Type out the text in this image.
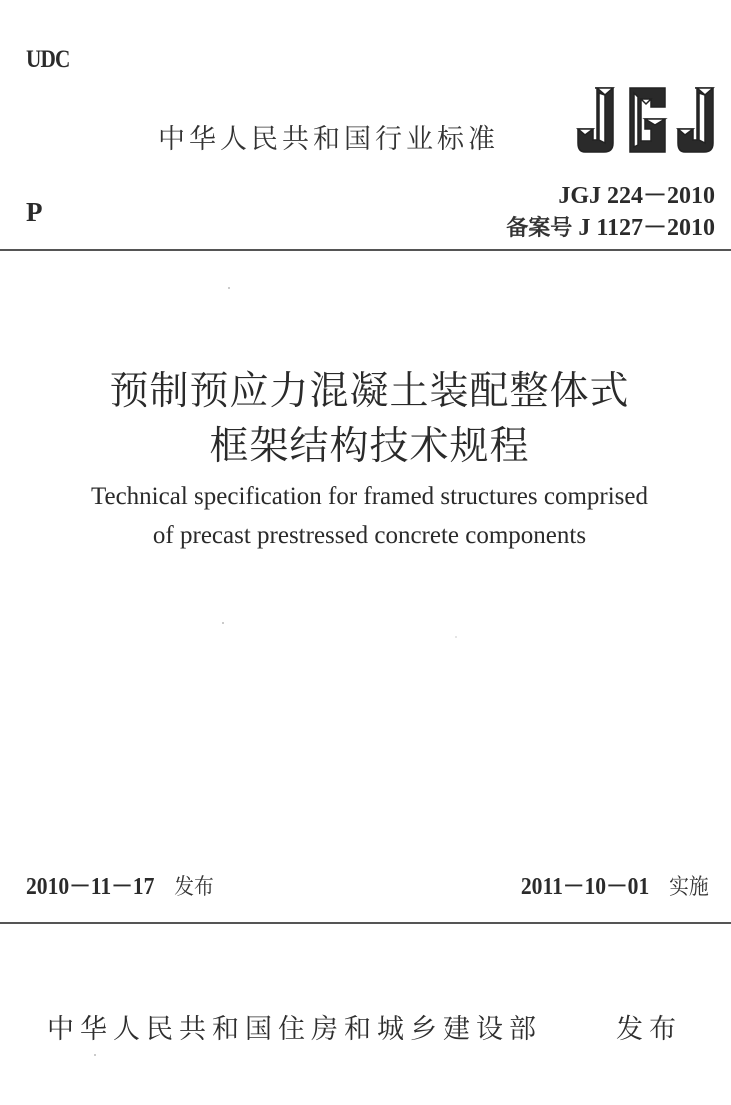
UDC
中华人民共和国行业标准
P
JGJ 224－2010
备案号 J 1127－2010
预制预应力混凝土装配整体式
框架结构技术规程
Technical specification for framed structures comprised
of precast prestressed concrete components
2010－11－17 发布	2011－10－01 实施
中华人民共和国住房和城乡建设部	发布
